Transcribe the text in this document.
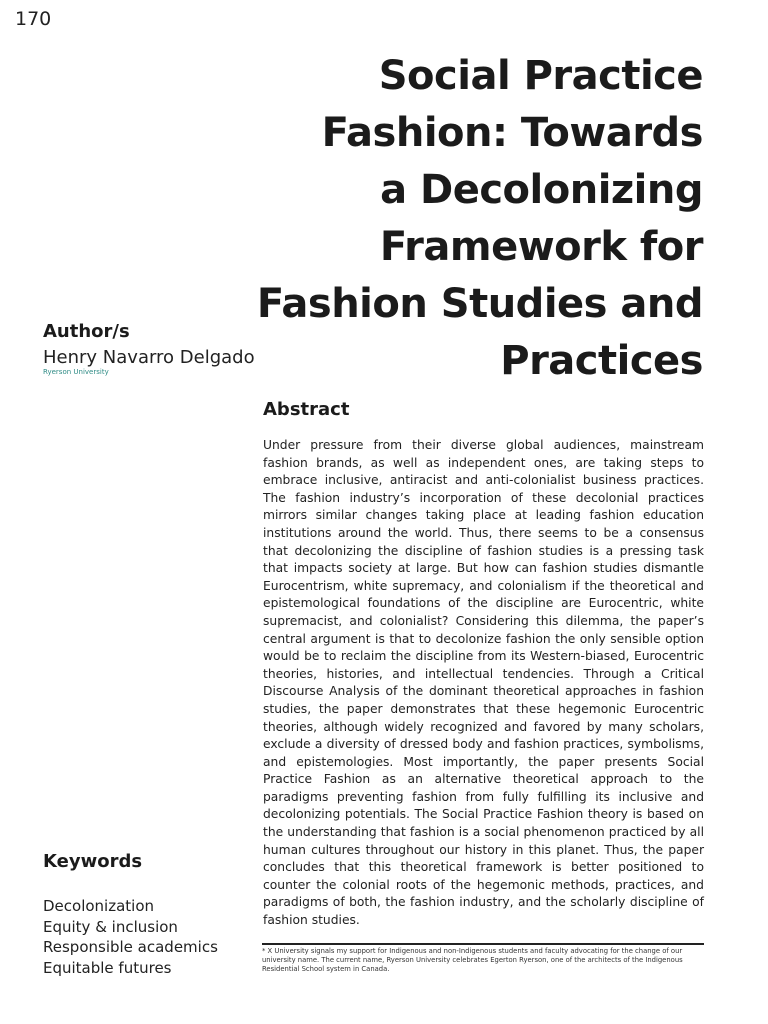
170
Social Practice
Fashion: Towards
a Decolonizing
Framework for
Fashion Studies and
Practices
Author/s
Henry Navarro Delgado
Ryerson University
Abstract

Under pressure from their diverse global audiences, mainstream fashion brands, as well as independent ones, are taking steps to embrace inclusive, antiracist and anti-colonialist business practices. The fashion industry’s incorporation of these decolonial practices mirrors similar changes taking place at leading fashion education institutions around the world. Thus, there seems to be a consensus that decolonizing the discipline of fashion studies is a pressing task that impacts society at large. But how can fashion studies dismantle Eurocentrism, white supremacy, and colonialism if the theoretical and epistemological foundations of the discipline are Eurocentric, white supremacist, and colonialist? Considering this dilemma, the paper’s central argument is that to decolonize fashion the only sensible option would be to reclaim the discipline from its Western-biased, Eurocentric theories, histories, and intellectual tendencies. Through a Critical Discourse Analysis of the dominant theoretical approaches in fashion studies, the paper demonstrates that these hegemonic Eurocentric theories, although widely recognized and favored by many scholars, exclude a diversity of dressed body and fashion practices, symbolisms, and epistemologies. Most importantly, the paper presents Social Practice Fashion as an alternative theoretical approach to the paradigms preventing fashion from fully fulfilling its inclusive and decolonizing potentials. The Social Practice Fashion theory is based on the understanding that fashion is a social phenomenon practiced by all human cultures throughout our history in this planet. Thus, the paper concludes that this theoretical framework is better positioned to counter the colonial roots of the hegemonic methods, practices, and paradigms of both, the fashion industry, and the scholarly discipline of fashion studies.

Keywords
Decolonization
Equity & inclusion
Responsible academics
Equitable futures

* X University signals my support for Indigenous and non-Indigenous students and faculty advocating for the change of our university name. The current name, Ryerson University celebrates Egerton Ryerson, one of the architects of the Indigenous Residential School system in Canada.
